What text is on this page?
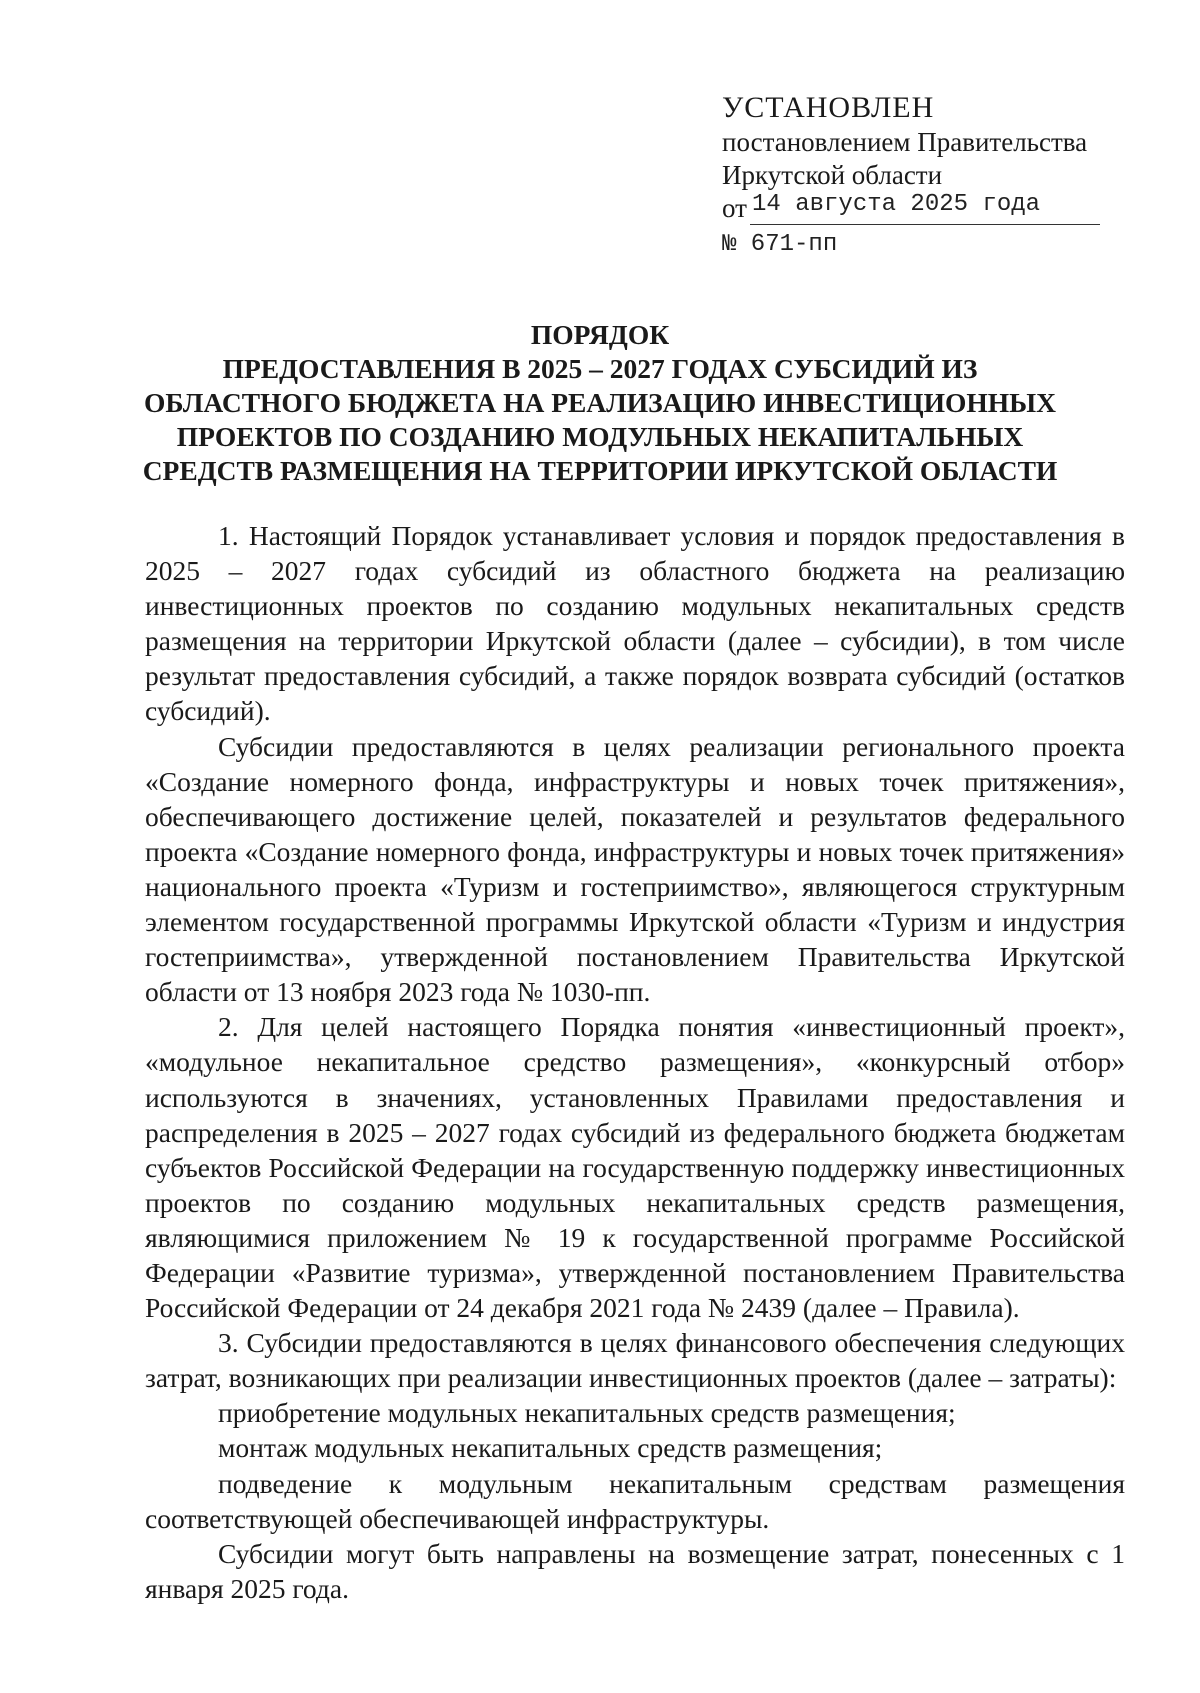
УСТАНОВЛЕН
постановлением Правительства
Иркутской области
от 14 августа 2025 года
№ 671-пп
ПОРЯДОК
ПРЕДОСТАВЛЕНИЯ В 2025 – 2027 ГОДАХ СУБСИДИЙ ИЗ
ОБЛАСТНОГО БЮДЖЕТА НА РЕАЛИЗАЦИЮ ИНВЕСТИЦИОННЫХ
ПРОЕКТОВ ПО СОЗДАНИЮ МОДУЛЬНЫХ НЕКАПИТАЛЬНЫХ
СРЕДСТВ РАЗМЕЩЕНИЯ НА ТЕРРИТОРИИ ИРКУТСКОЙ ОБЛАСТИ

1. Настоящий Порядок устанавливает условия и порядок предоставления в 2025 – 2027 годах субсидий из областного бюджета на реализацию инвестиционных проектов по созданию модульных некапитальных средств размещения на территории Иркутской области (далее – субсидии), в том числе результат предоставления субсидий, а также порядок возврата субсидий (остатков субсидий).

Субсидии предоставляются в целях реализации регионального проекта «Создание номерного фонда, инфраструктуры и новых точек притяжения», обеспечивающего достижение целей, показателей и результатов федерального проекта «Создание номерного фонда, инфраструктуры и новых точек притяжения» национального проекта «Туризм и гостеприимство», являющегося структурным элементом государственной программы Иркутской области «Туризм и индустрия гостеприимства», утвержденной постановлением Правительства Иркутской области от 13 ноября 2023 года № 1030-пп.

2. Для целей настоящего Порядка понятия «инвестиционный проект», «модульное некапитальное средство размещения», «конкурсный отбор» используются в значениях, установленных Правилами предоставления и распределения в 2025 – 2027 годах субсидий из федерального бюджета бюджетам субъектов Российской Федерации на государственную поддержку инвестиционных проектов по созданию модульных некапитальных средств размещения, являющимися приложением № 19 к государственной программе Российской Федерации «Развитие туризма», утвержденной постановлением Правительства Российской Федерации от 24 декабря 2021 года № 2439 (далее – Правила).

3. Субсидии предоставляются в целях финансового обеспечения следующих затрат, возникающих при реализации инвестиционных проектов (далее – затраты):

приобретение модульных некапитальных средств размещения;

монтаж модульных некапитальных средств размещения;

подведение к модульным некапитальным средствам размещения соответствующей обеспечивающей инфраструктуры.

Субсидии могут быть направлены на возмещение затрат, понесенных с 1 января 2025 года.
